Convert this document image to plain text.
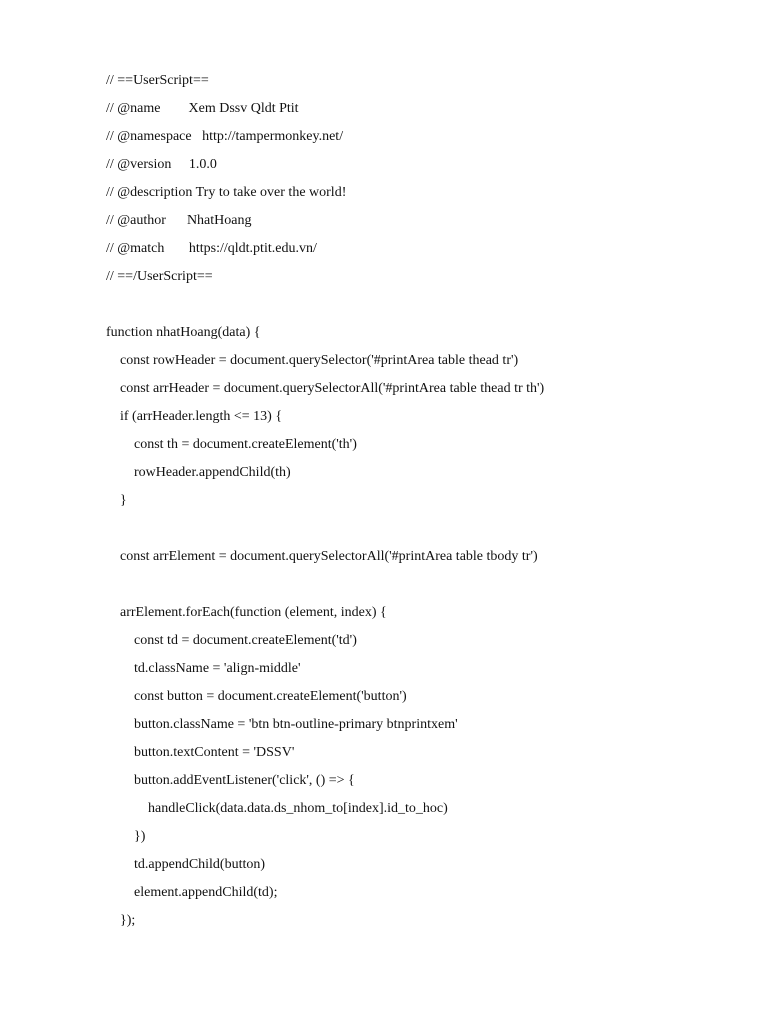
// ==UserScript==
// @name        Xem Dssv Qldt Ptit
// @namespace   http://tampermonkey.net/
// @version     1.0.0
// @description Try to take over the world!
// @author      NhatHoang
// @match       https://qldt.ptit.edu.vn/
// ==/UserScript==
function nhatHoang(data) {
const rowHeader = document.querySelector('#printArea table thead tr')
const arrHeader = document.querySelectorAll('#printArea table thead tr th')
if (arrHeader.length <= 13) {
const th = document.createElement('th')
rowHeader.appendChild(th)
}
const arrElement = document.querySelectorAll('#printArea table tbody tr')
arrElement.forEach(function (element, index) {
const td = document.createElement('td')
td.className = 'align-middle'
const button = document.createElement('button')
button.className = 'btn btn-outline-primary btnprintxem'
button.textContent = 'DSSV'
button.addEventListener('click', () => {
handleClick(data.data.ds_nhom_to[index].id_to_hoc)
})
td.appendChild(button)
element.appendChild(td);
});
